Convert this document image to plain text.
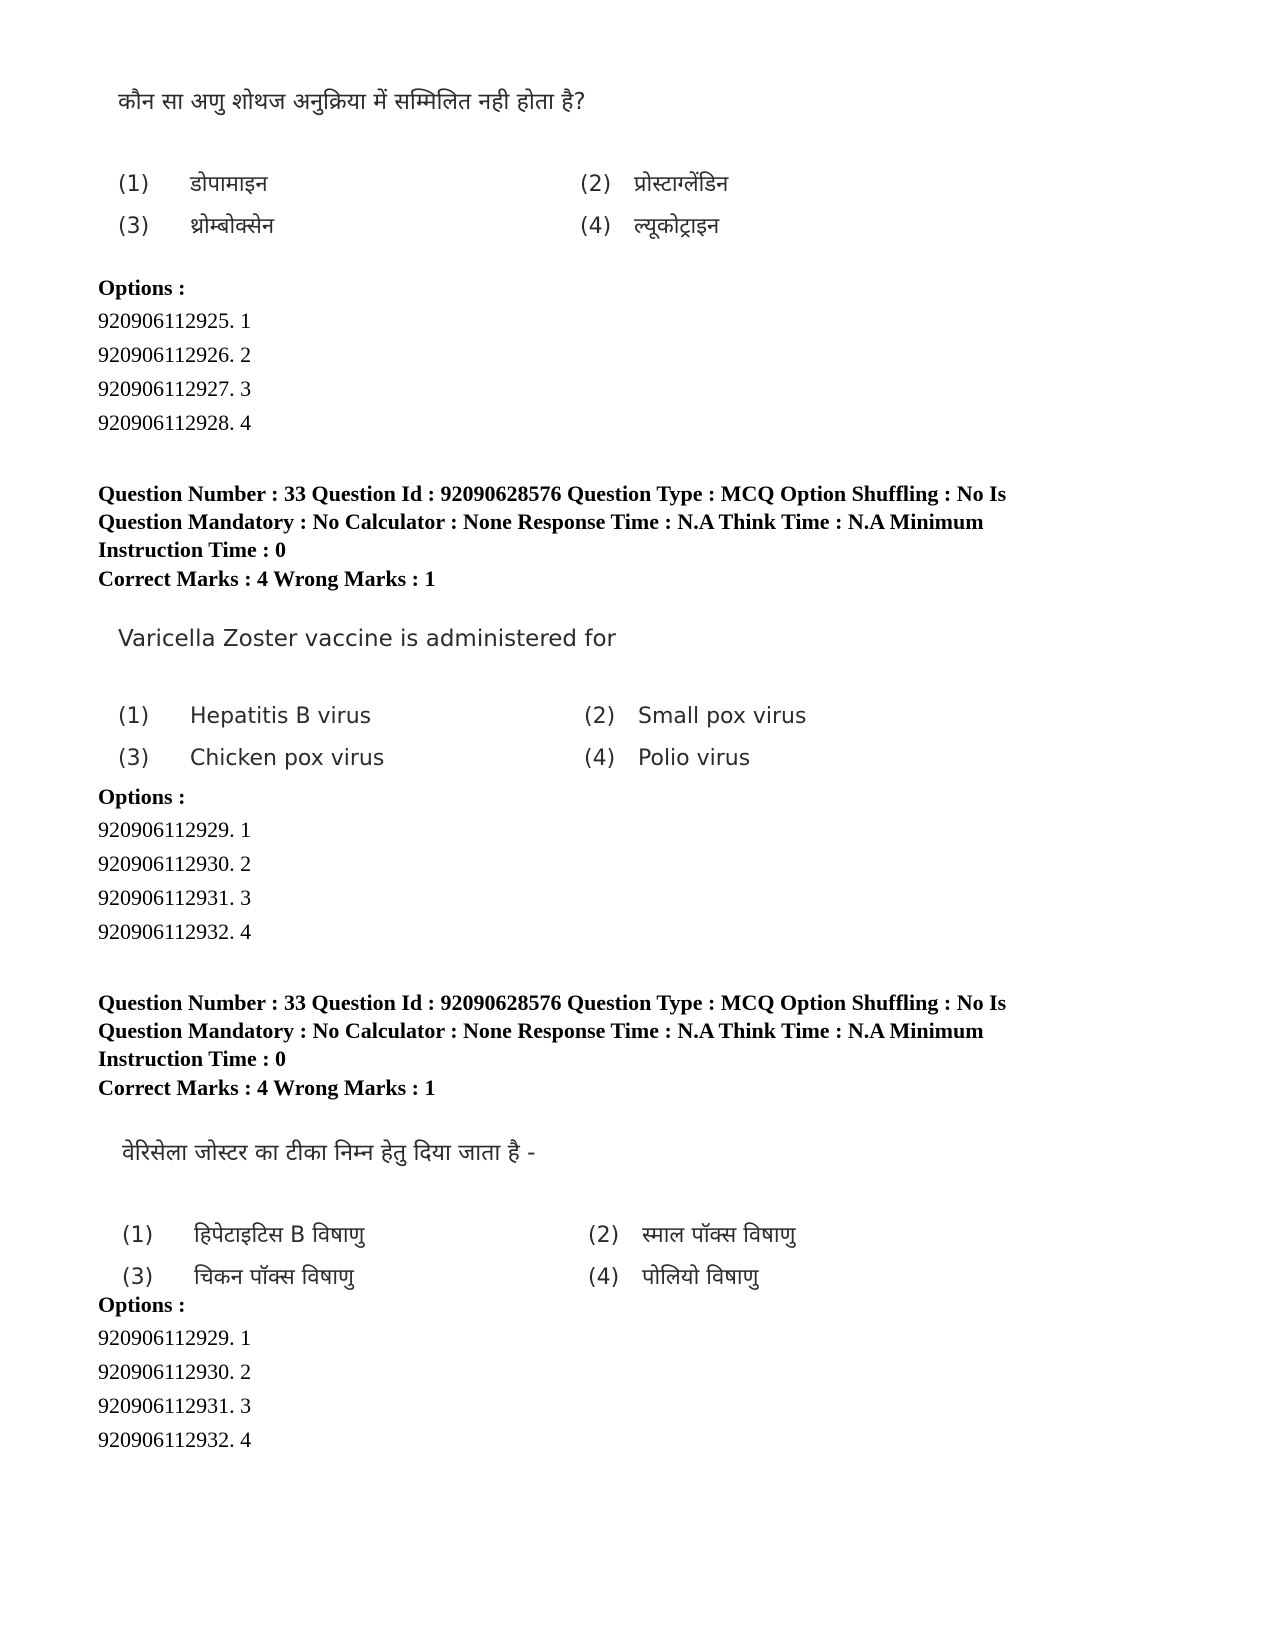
कौन सा अणु शोथज अनुक्रिया में सम्मिलित नही होता है?

(1) डोपामाइन	(2) प्रोस्टाग्लेंडिन
(3) थ्रोम्बोक्सेन	(4) ल्यूकोट्राइन
Options :
920906112925. 1
920906112926. 2
920906112927. 3
920906112928. 4
Question Number : 33 Question Id : 92090628576 Question Type : MCQ Option Shuffling : No Is
Question Mandatory : No Calculator : None Response Time : N.A Think Time : N.A Minimum
Instruction Time : 0
Correct Marks : 4 Wrong Marks : 1

Varicella Zoster vaccine is administered for

(1) Hepatitis B virus	(2) Small pox virus
(3) Chicken pox virus	(4) Polio virus
Options :
920906112929. 1
920906112930. 2
920906112931. 3
920906112932. 4
Question Number : 33 Question Id : 92090628576 Question Type : MCQ Option Shuffling : No Is
Question Mandatory : No Calculator : None Response Time : N.A Think Time : N.A Minimum
Instruction Time : 0
Correct Marks : 4 Wrong Marks : 1

वेरिसेला जोस्टर का टीका निम्न हेतु दिया जाता है -

(1) हिपेटाइटिस B विषाणु	(2) स्माल पॉक्स विषाणु
(3) चिकन पॉक्स विषाणु	(4) पोलियो विषाणु
Options :
920906112929. 1
920906112930. 2
920906112931. 3
920906112932. 4
